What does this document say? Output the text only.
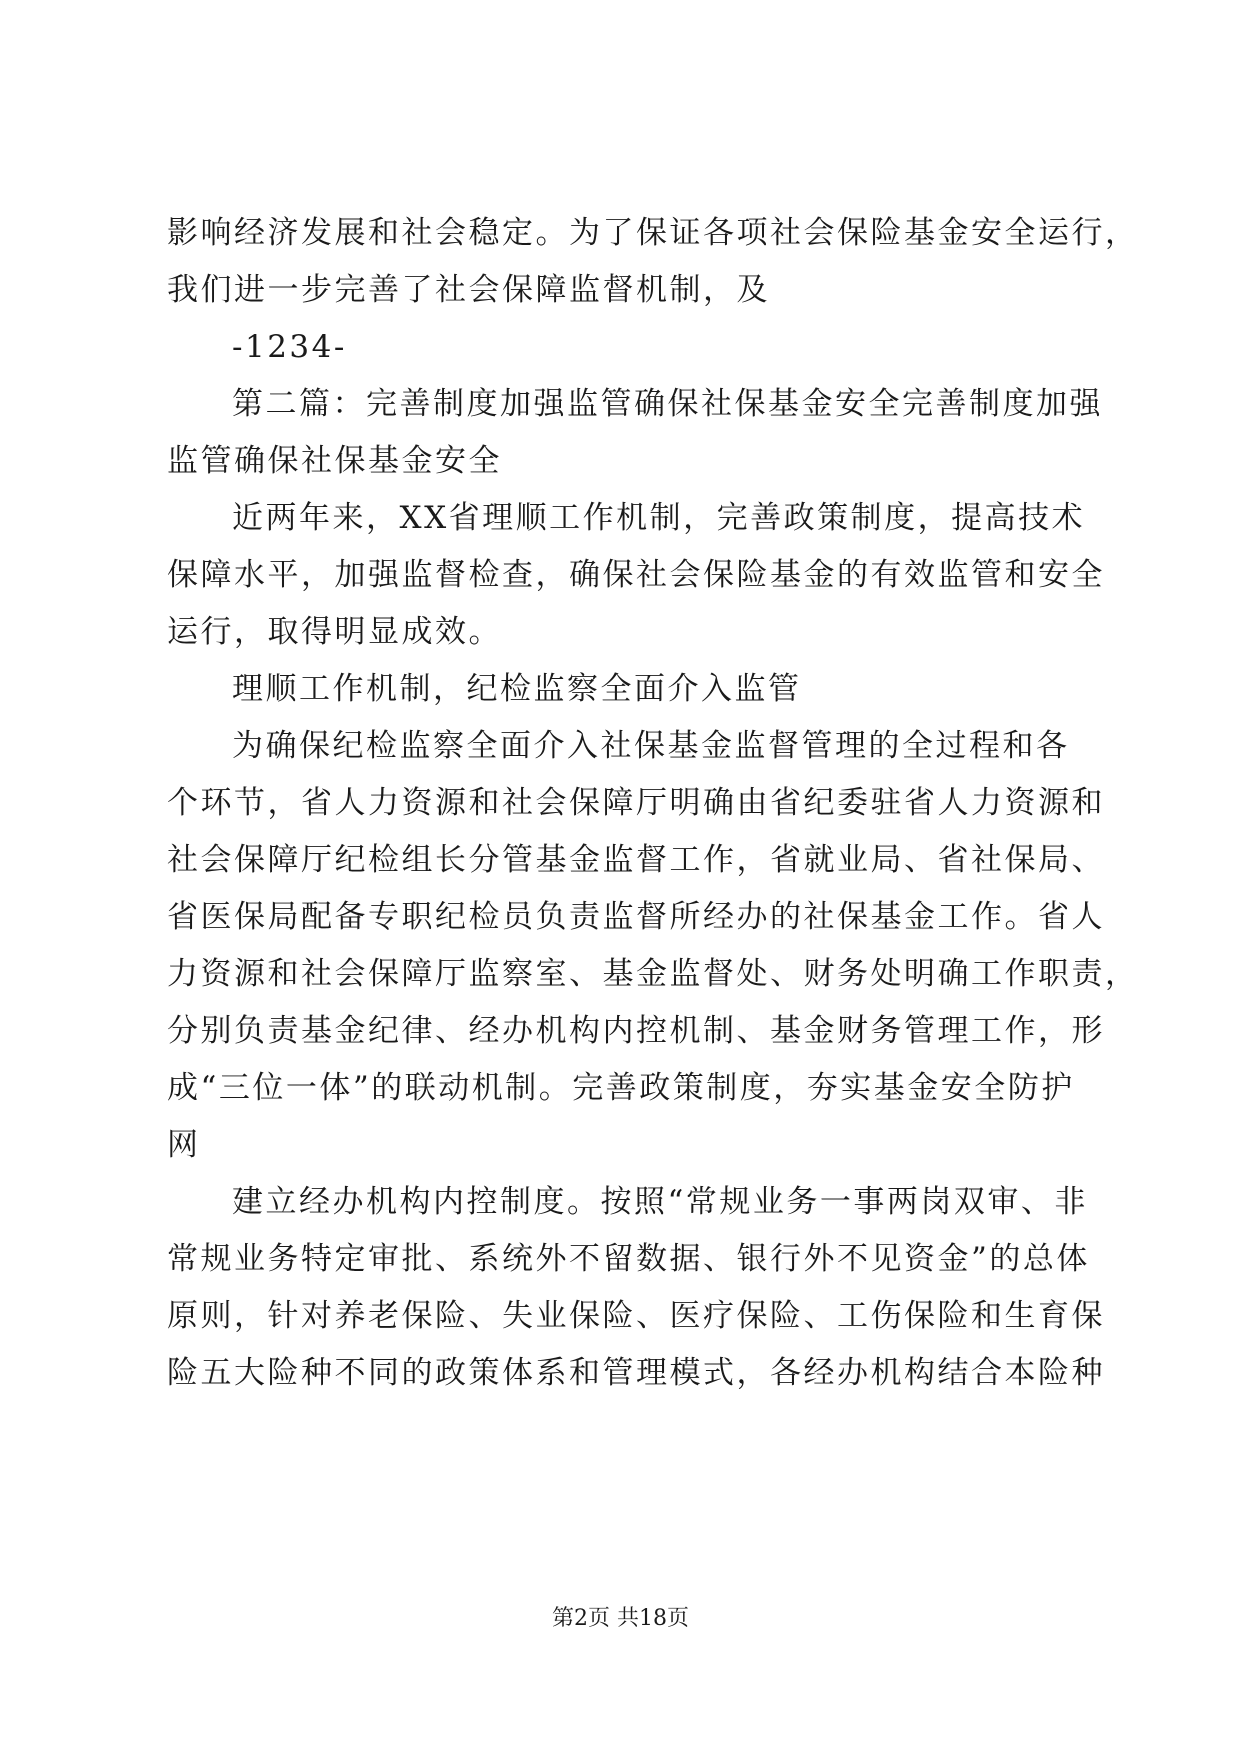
影响经济发展和社会稳定。为了保证各项社会保险基金安全运行，
我们进一步完善了社会保障监督机制，及
-1234-
第二篇：完善制度加强监管确保社保基金安全完善制度加强
监管确保社保基金安全
近两年来，XX省理顺工作机制，完善政策制度，提高技术
保障水平，加强监督检查，确保社会保险基金的有效监管和安全
运行，取得明显成效。
理顺工作机制，纪检监察全面介入监管
为确保纪检监察全面介入社保基金监督管理的全过程和各
个环节，省人力资源和社会保障厅明确由省纪委驻省人力资源和
社会保障厅纪检组长分管基金监督工作，省就业局、省社保局、
省医保局配备专职纪检员负责监督所经办的社保基金工作。省人
力资源和社会保障厅监察室、基金监督处、财务处明确工作职责，
分别负责基金纪律、经办机构内控机制、基金财务管理工作，形
成“三位一体”的联动机制。完善政策制度，夯实基金安全防护
网
建立经办机构内控制度。按照“常规业务一事两岗双审、非
常规业务特定审批、系统外不留数据、银行外不见资金”的总体
原则，针对养老保险、失业保险、医疗保险、工伤保险和生育保
险五大险种不同的政策体系和管理模式，各经办机构结合本险种
第2页 共18页
